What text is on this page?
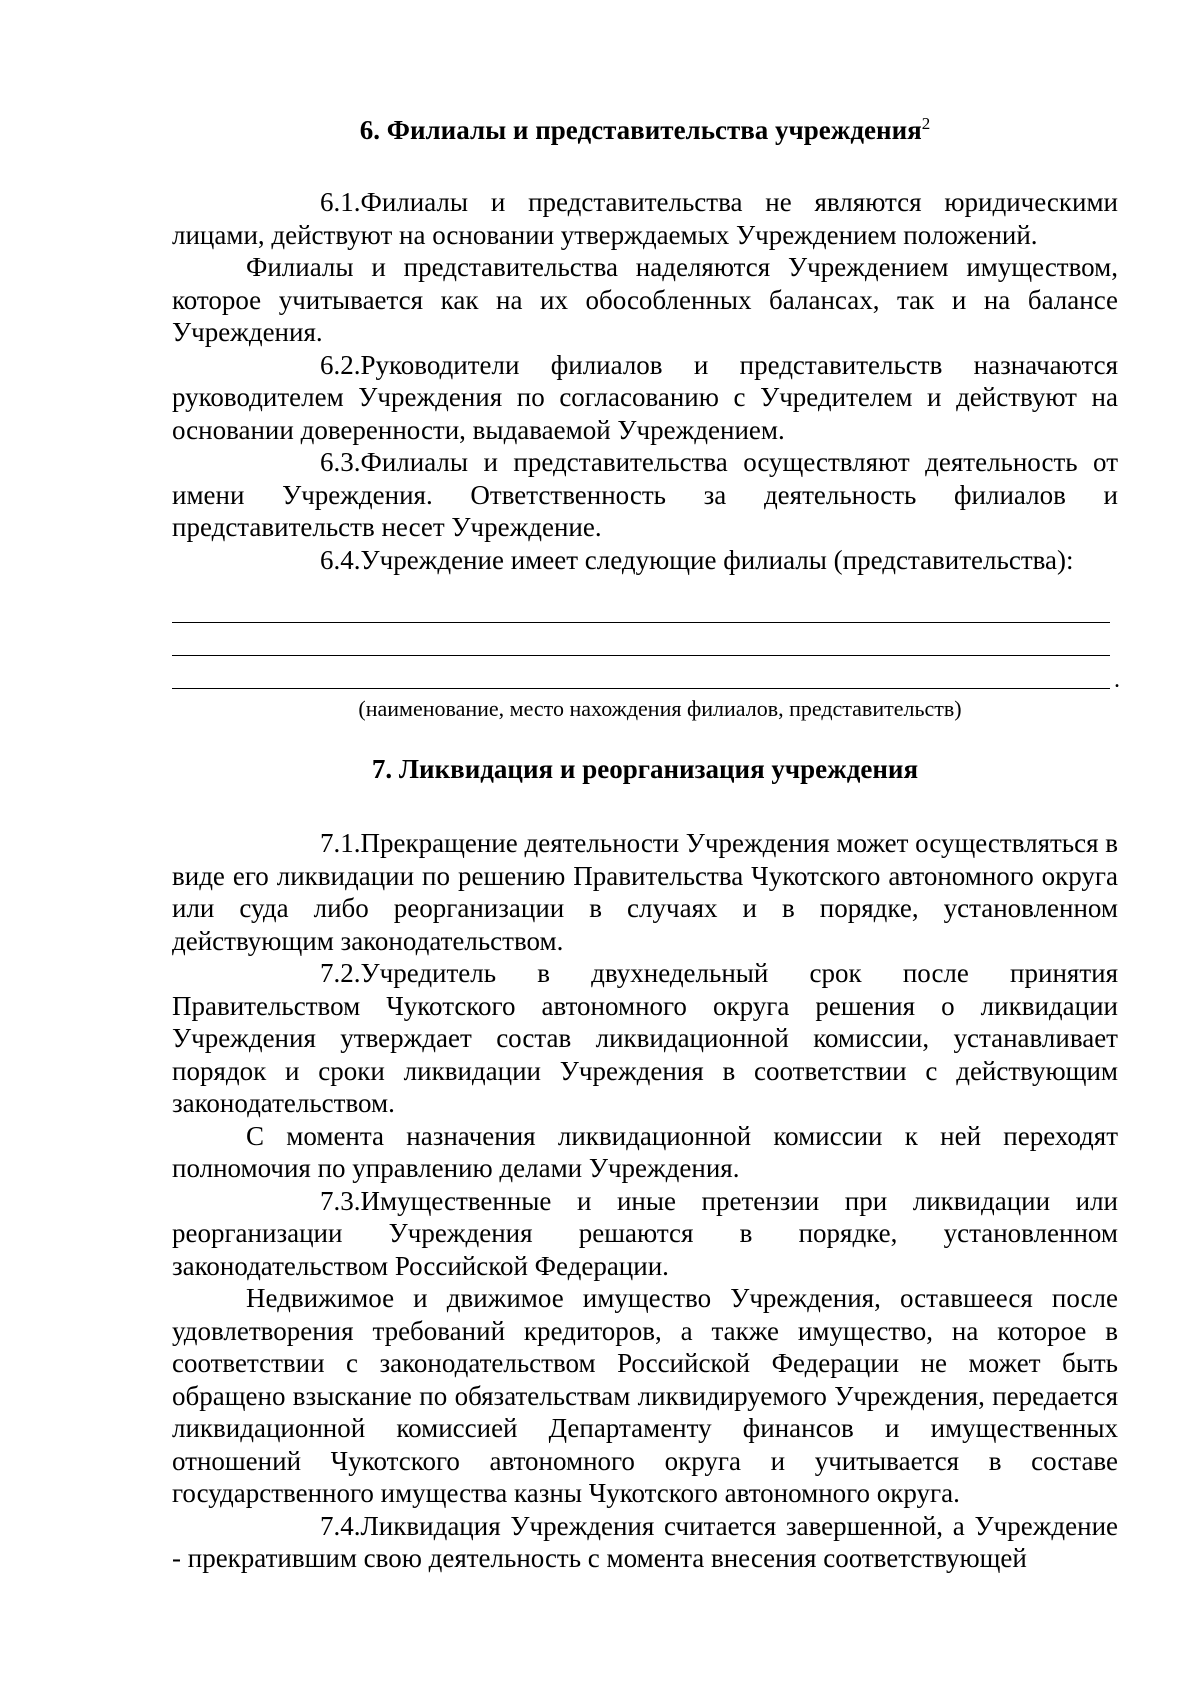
6. Филиалы и представительства учреждения$^2$

6.1.Филиалы и представительства не являются юридическими лицами, действуют на основании утверждаемых Учреждением положений.

Филиалы и представительства наделяются Учреждением имуществом, которое учитывается как на их обособленных балансах, так и на балансе Учреждения.

6.2.Руководители филиалов и представительств назначаются руководителем Учреждения по согласованию с Учредителем и действуют на основании доверенности, выдаваемой Учреждением.

6.3.Филиалы и представительства осуществляют деятельность от имени Учреждения. Ответственность за деятельность филиалов и представительств несет Учреждение.

6.4.Учреждение имеет следующие филиалы (представительства):

.
(наименование, место нахождения филиалов, представительств)
7. Ликвидация и реорганизация учреждения

7.1.Прекращение деятельности Учреждения может осуществляться в виде его ликвидации по решению Правительства Чукотского автономного округа или суда либо реорганизации в случаях и в порядке, установленном действующим законодательством.

7.2.Учредитель в двухнедельный срок после принятия Правительством Чукотского автономного округа решения о ликвидации Учреждения утверждает состав ликвидационной комиссии, устанавливает порядок и сроки ликвидации Учреждения в соответствии с действующим законодательством.

С момента назначения ликвидационной комиссии к ней переходят полномочия по управлению делами Учреждения.

7.3.Имущественные и иные претензии при ликвидации или реорганизации Учреждения решаются в порядке, установленном законодательством Российской Федерации.

Недвижимое и движимое имущество Учреждения, оставшееся после удовлетворения требований кредиторов, а также имущество, на которое в соответствии с законодательством Российской Федерации не может быть обращено взыскание по обязательствам ликвидируемого Учреждения, передается ликвидационной комиссией Департаменту финансов и имущественных отношений Чукотского автономного округа и учитывается в составе государственного имущества казны Чукотского автономного округа.

7.4.Ликвидация Учреждения считается завершенной, а Учреждение - прекратившим свою деятельность с момента внесения соответствующей
